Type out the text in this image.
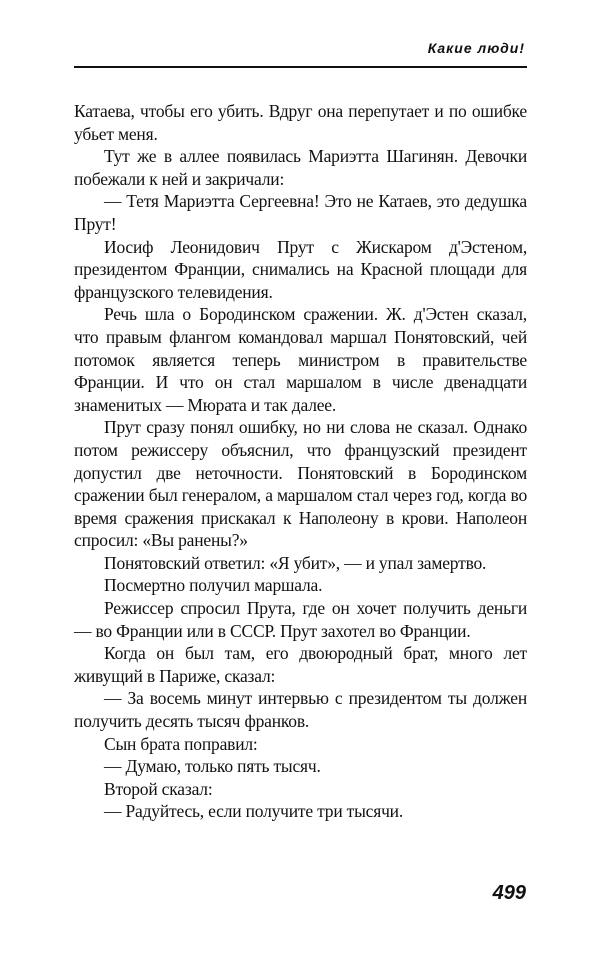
Какие люди!

Катаева, чтобы его убить. Вдруг она перепутает и по ошибке убьет меня.

Тут же в аллее появилась Мариэтта Шагинян. Девочки побежали к ней и закричали:

— Тетя Мариэтта Сергеевна! Это не Катаев, это дедушка Прут!

Иосиф Леонидович Прут с Жискаром д'Эстеном, президентом Франции, снимались на Красной площади для французского телевидения.

Речь шла о Бородинском сражении. Ж. д'Эстен сказал, что правым флангом командовал маршал Понятовский, чей потомок является теперь министром в правительстве Франции. И что он стал маршалом в числе двенадцати знаменитых — Мюрата и так далее.

Прут сразу понял ошибку, но ни слова не сказал. Однако потом режиссеру объяснил, что французский президент допустил две неточности. Понятовский в Бородинском сражении был генералом, а маршалом стал через год, когда во время сражения прискакал к Наполеону в крови. Наполеон спросил: «Вы ранены?»

Понятовский ответил: «Я убит», — и упал замертво.

Посмертно получил маршала.

Режиссер спросил Прута, где он хочет получить деньги — во Франции или в СССР. Прут захотел во Франции.

Когда он был там, его двоюродный брат, много лет живущий в Париже, сказал:

— За восемь минут интервью с президентом ты должен получить десять тысяч франков.

Сын брата поправил:

— Думаю, только пять тысяч.

Второй сказал:

— Радуйтесь, если получите три тысячи.

499
